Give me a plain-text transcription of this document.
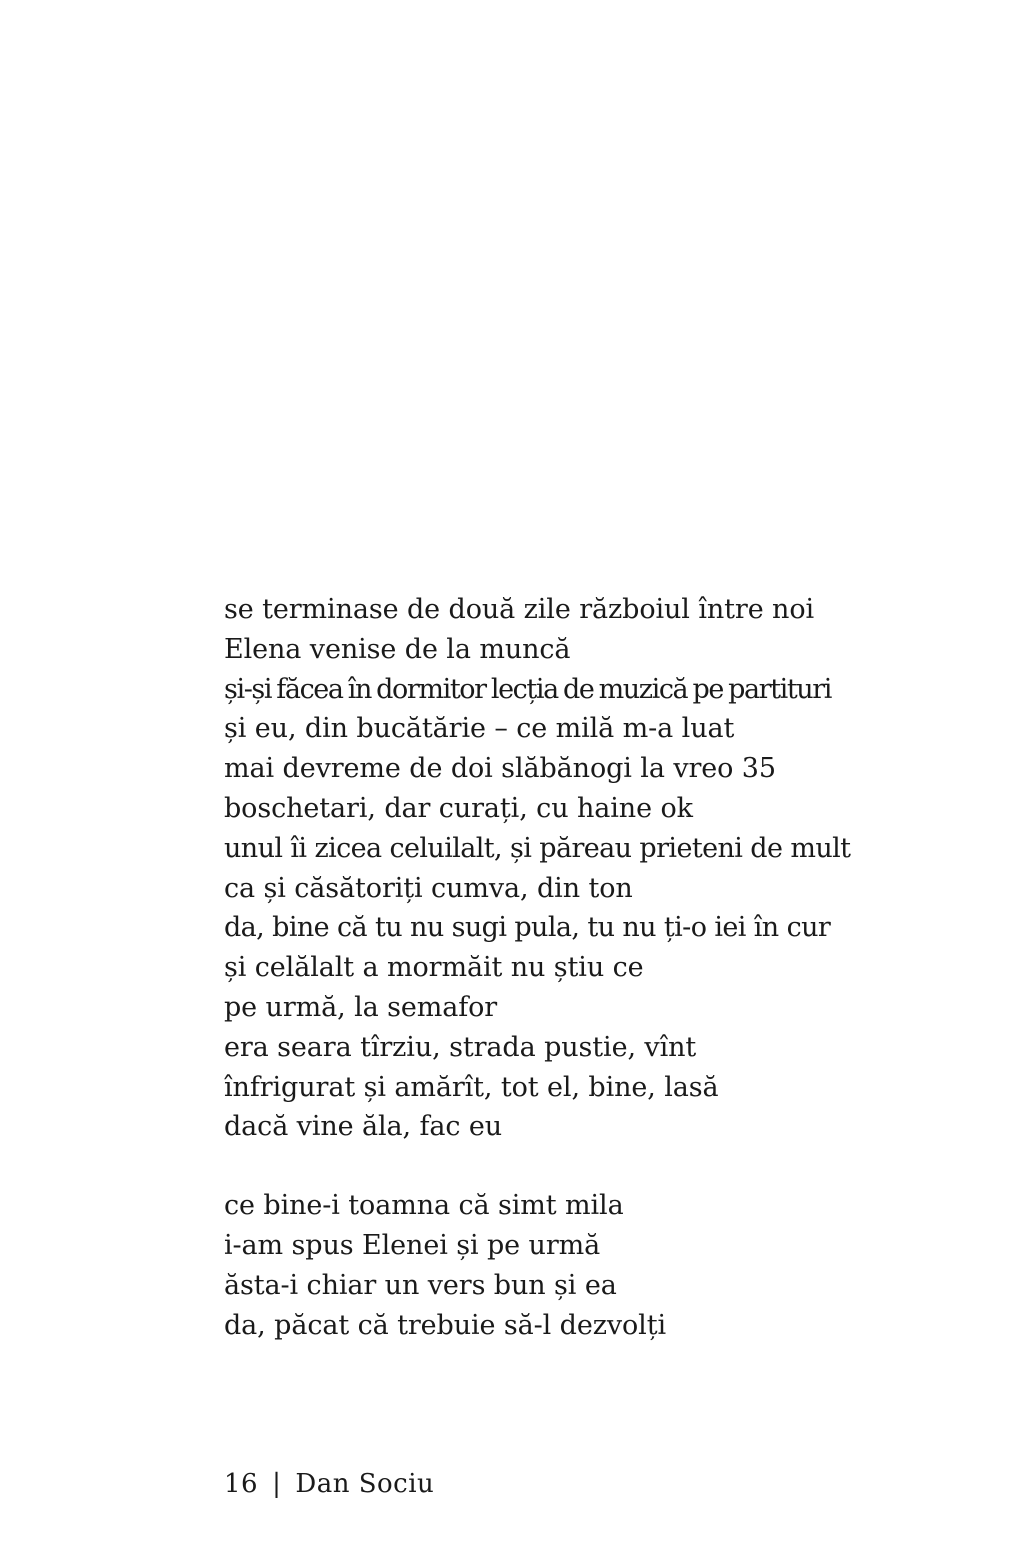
se terminase de două zile războiul între noi
Elena venise de la muncă
și-și făcea în dormitor lecția de muzică pe partituri
și eu, din bucătărie – ce milă m-a luat
mai devreme de doi slăbănogi la vreo 35
boschetari, dar curați, cu haine ok
unul îi zicea celuilalt, și păreau prieteni de mult
ca și căsătoriți cumva, din ton
da, bine că tu nu sugi pula, tu nu ți-o iei în cur
și celălalt a mormăit nu știu ce
pe urmă, la semafor
era seara tîrziu, strada pustie, vînt
înfrigurat și amărît, tot el, bine, lasă
dacă vine ăla, fac eu
ce bine-i toamna că simt mila
i-am spus Elenei și pe urmă
ăsta-i chiar un vers bun și ea
da, păcat că trebuie să-l dezvolți
16 | Dan Sociu
